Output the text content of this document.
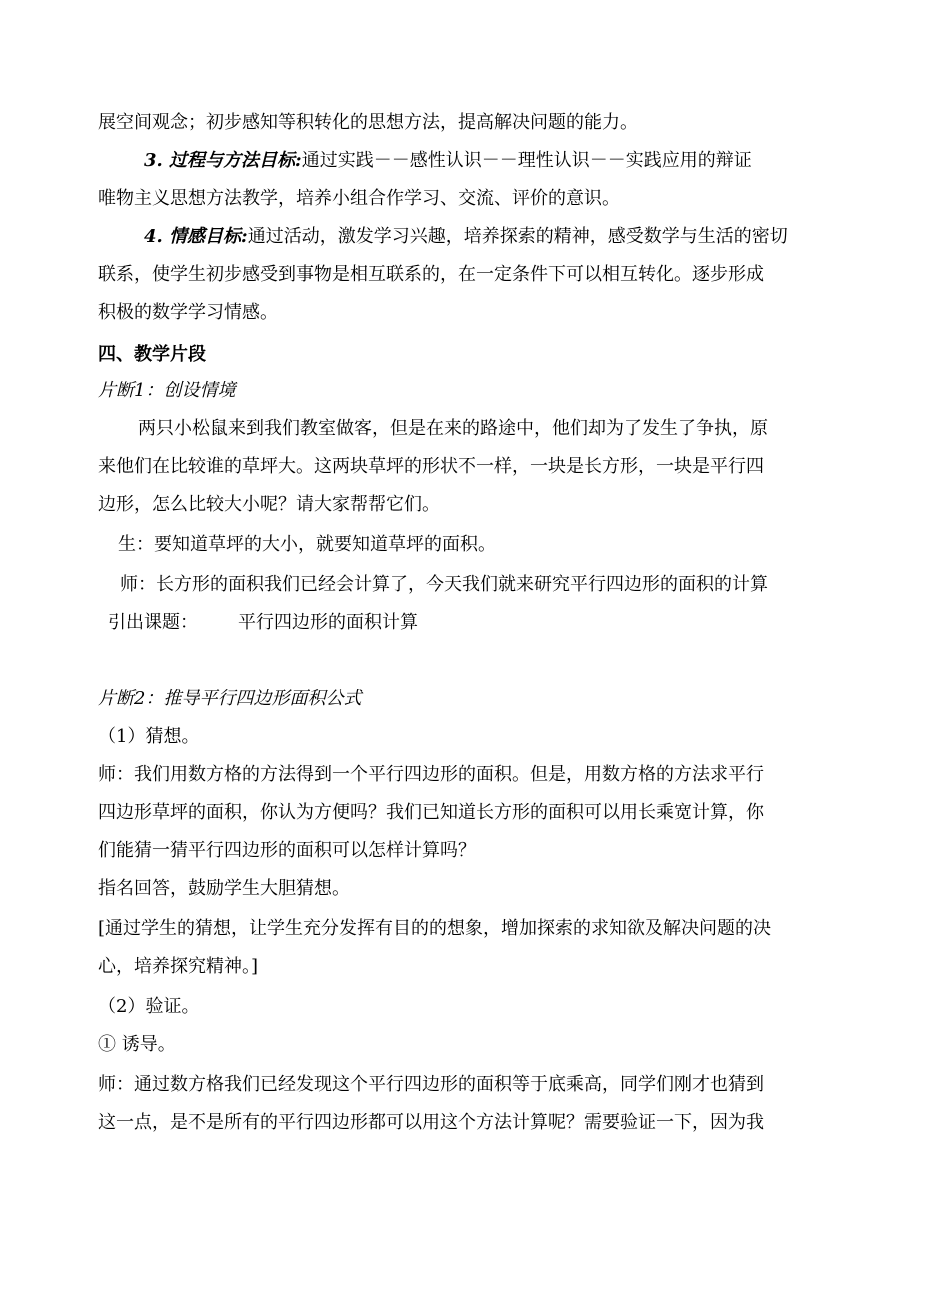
展空间观念；初步感知等积转化的思想方法，提高解决问题的能力。
3. 过程与方法目标:通过实践－－感性认识－－理性认识－－实践应用的辩证
唯物主义思想方法教学，培养小组合作学习、交流、评价的意识。
4. 情感目标:通过活动，激发学习兴趣，培养探索的精神，感受数学与生活的密切
联系，使学生初步感受到事物是相互联系的，在一定条件下可以相互转化。逐步形成
积极的数学学习情感。
四、教学片段
片断1：创设情境
两只小松鼠来到我们教室做客，但是在来的路途中，他们却为了发生了争执，原
来他们在比较谁的草坪大。这两块草坪的形状不一样，一块是长方形，一块是平行四
边形，怎么比较大小呢？请大家帮帮它们。
生：要知道草坪的大小，就要知道草坪的面积。
师：长方形的面积我们已经会计算了，今天我们就来研究平行四边形的面积的计算
引出课题： 平行四边形的面积计算
片断2：推导平行四边形面积公式
（1）猜想。
师：我们用数方格的方法得到一个平行四边形的面积。但是，用数方格的方法求平行
四边形草坪的面积，你认为方便吗？我们已知道长方形的面积可以用长乘宽计算，你
们能猜一猜平行四边形的面积可以怎样计算吗？
指名回答，鼓励学生大胆猜想。
[通过学生的猜想，让学生充分发挥有目的的想象，增加探索的求知欲及解决问题的决
心，培养探究精神。]
（2）验证。
① 诱导。
师：通过数方格我们已经发现这个平行四边形的面积等于底乘高，同学们刚才也猜到
这一点，是不是所有的平行四边形都可以用这个方法计算呢？需要验证一下，因为我
